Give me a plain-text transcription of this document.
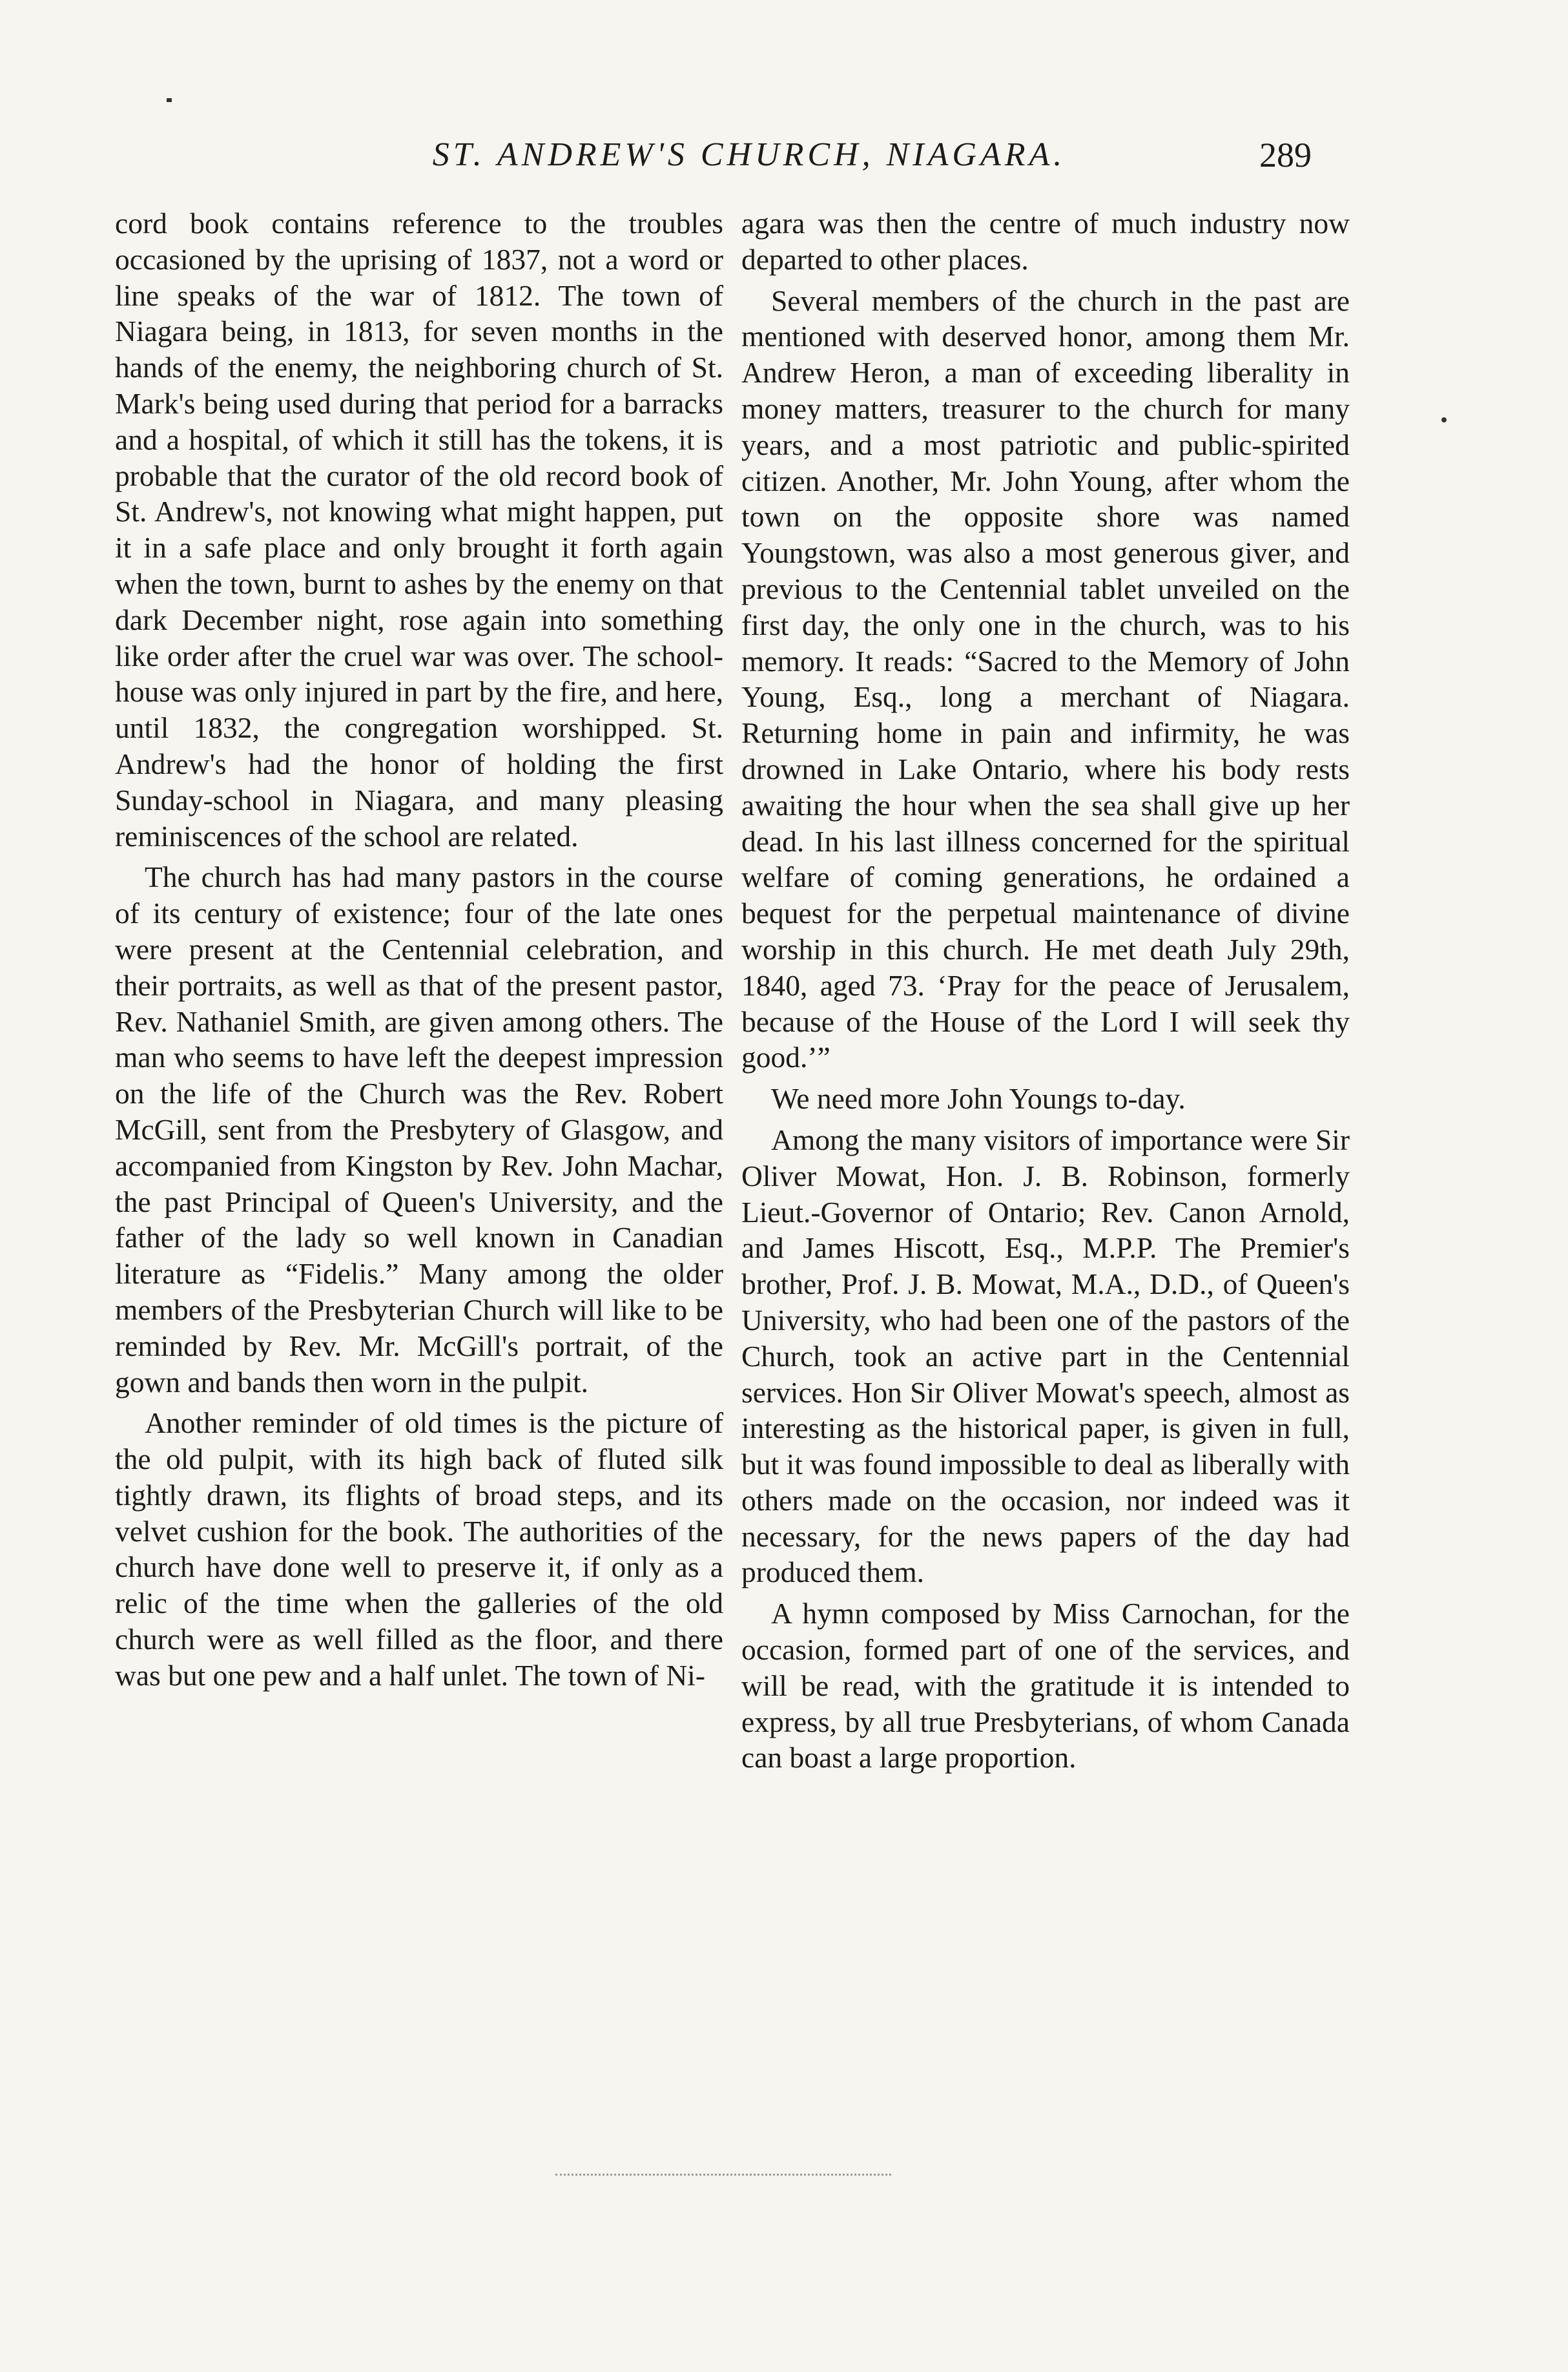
ST. ANDREW'S CHURCH, NIAGARA.	289

cord book contains reference to the troubles occasioned by the uprising of 1837, not a word or line speaks of the war of 1812. The town of Niagara being, in 1813, for seven months in the hands of the enemy, the neighboring church of St. Mark's being used during that period for a barracks and a hospital, of which it still has the tokens, it is probable that the curator of the old record book of St. Andrew's, not knowing what might happen, put it in a safe place and only brought it forth again when the town, burnt to ashes by the enemy on that dark December night, rose again into something like order after the cruel war was over. The school-house was only injured in part by the fire, and here, until 1832, the congregation worshipped. St. Andrew's had the honor of holding the first Sunday-school in Niagara, and many pleasing reminiscences of the school are related.

The church has had many pastors in the course of its century of existence; four of the late ones were present at the Centennial celebration, and their portraits, as well as that of the present pastor, Rev. Nathaniel Smith, are given among others. The man who seems to have left the deepest impression on the life of the Church was the Rev. Robert McGill, sent from the Presbytery of Glasgow, and accompanied from Kingston by Rev. John Machar, the past Principal of Queen's University, and the father of the lady so well known in Canadian literature as “Fidelis.” Many among the older members of the Presbyterian Church will like to be reminded by Rev. Mr. McGill's portrait, of the gown and bands then worn in the pulpit.

Another reminder of old times is the picture of the old pulpit, with its high back of fluted silk tightly drawn, its flights of broad steps, and its velvet cushion for the book. The authorities of the church have done well to preserve it, if only as a relic of the time when the galleries of the old church were as well filled as the floor, and there was but one pew and a half unlet. The town of Ni-

agara was then the centre of much industry now departed to other places.

Several members of the church in the past are mentioned with deserved honor, among them Mr. Andrew Heron, a man of exceeding liberality in money matters, treasurer to the church for many years, and a most patriotic and public-spirited citizen. Another, Mr. John Young, after whom the town on the opposite shore was named Youngstown, was also a most generous giver, and previous to the Centennial tablet unveiled on the first day, the only one in the church, was to his memory. It reads: “Sacred to the Memory of John Young, Esq., long a merchant of Niagara. Returning home in pain and infirmity, he was drowned in Lake Ontario, where his body rests awaiting the hour when the sea shall give up her dead. In his last illness concerned for the spiritual welfare of coming generations, he ordained a bequest for the perpetual maintenance of divine worship in this church. He met death July 29th, 1840, aged 73. ‘Pray for the peace of Jerusalem, because of the House of the Lord I will seek thy good.’”

We need more John Youngs to-day.

Among the many visitors of importance were Sir Oliver Mowat, Hon. J. B. Robinson, formerly Lieut.-Governor of Ontario; Rev. Canon Arnold, and James Hiscott, Esq., M.P.P. The Premier's brother, Prof. J. B. Mowat, M.A., D.D., of Queen's University, who had been one of the pastors of the Church, took an active part in the Centennial services. Hon Sir Oliver Mowat's speech, almost as interesting as the historical paper, is given in full, but it was found impossible to deal as liberally with others made on the occasion, nor indeed was it necessary, for the news papers of the day had produced them.

A hymn composed by Miss Carnochan, for the occasion, formed part of one of the services, and will be read, with the gratitude it is intended to express, by all true Presbyterians, of whom Canada can boast a large proportion.
